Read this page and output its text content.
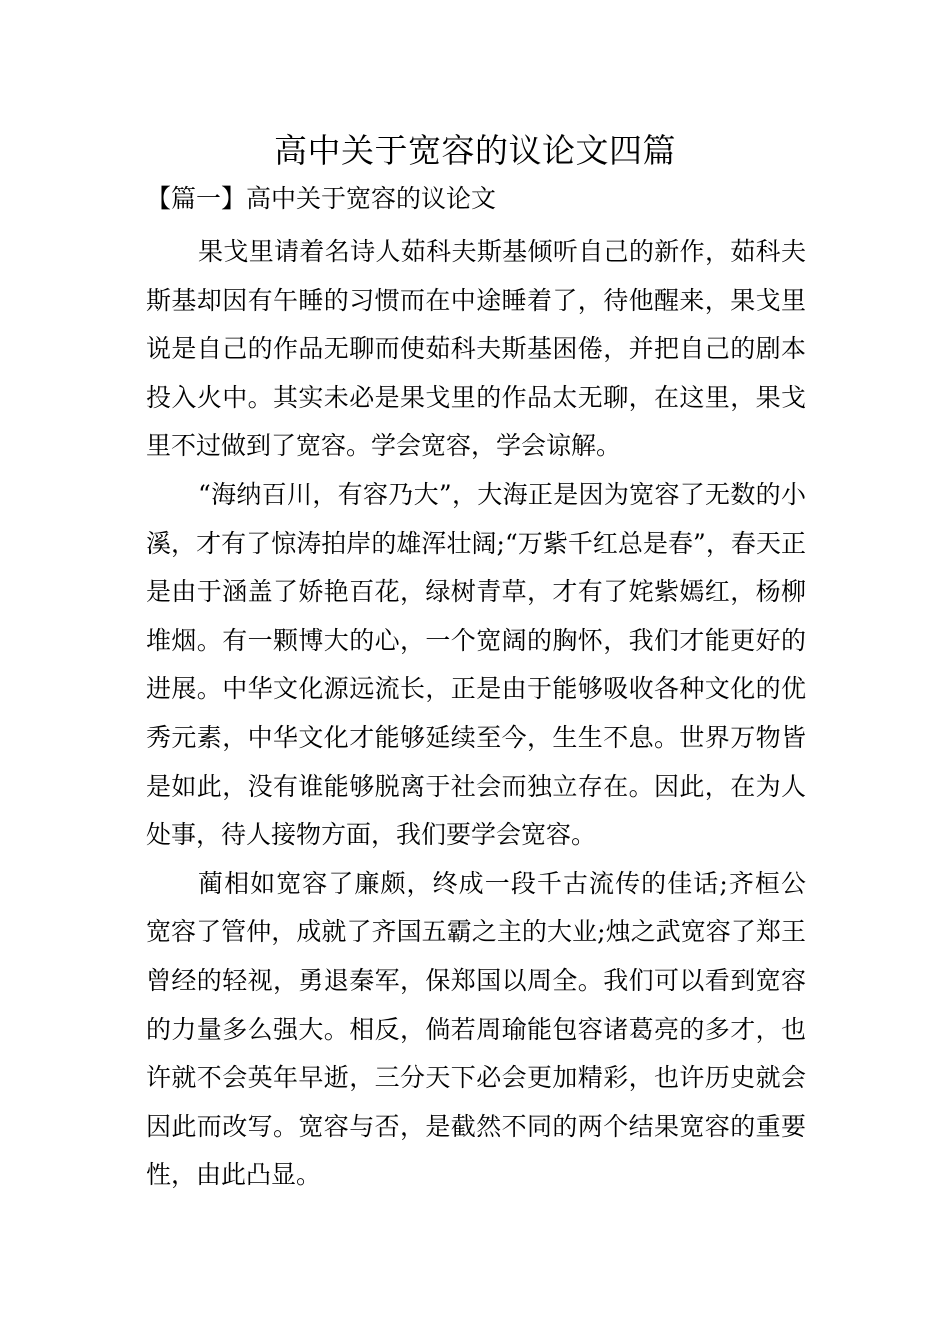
高中关于宽容的议论文四篇
【篇一】高中关于宽容的议论文

果戈里请着名诗人茹科夫斯基倾听自己的新作，茹科夫斯基却因有午睡的习惯而在中途睡着了，待他醒来，果戈里说是自己的作品无聊而使茹科夫斯基困倦，并把自己的剧本投入火中。其实未必是果戈里的作品太无聊，在这里，果戈里不过做到了宽容。学会宽容，学会谅解。

“海纳百川，有容乃大”，大海正是因为宽容了无数的小溪，才有了惊涛拍岸的雄浑壮阔;“万紫千红总是春”，春天正是由于涵盖了娇艳百花，绿树青草，才有了姹紫嫣红，杨柳堆烟。有一颗博大的心，一个宽阔的胸怀，我们才能更好的进展。中华文化源远流长，正是由于能够吸收各种文化的优秀元素，中华文化才能够延续至今，生生不息。世界万物皆是如此，没有谁能够脱离于社会而独立存在。因此，在为人处事，待人接物方面，我们要学会宽容。

蔺相如宽容了廉颇，终成一段千古流传的佳话;齐桓公宽容了管仲，成就了齐国五霸之主的大业;烛之武宽容了郑王曾经的轻视，勇退秦军，保郑国以周全。我们可以看到宽容的力量多么强大。相反，倘若周瑜能包容诸葛亮的多才，也许就不会英年早逝，三分天下必会更加精彩，也许历史就会因此而改写。宽容与否，是截然不同的两个结果宽容的重要性，由此凸显。
